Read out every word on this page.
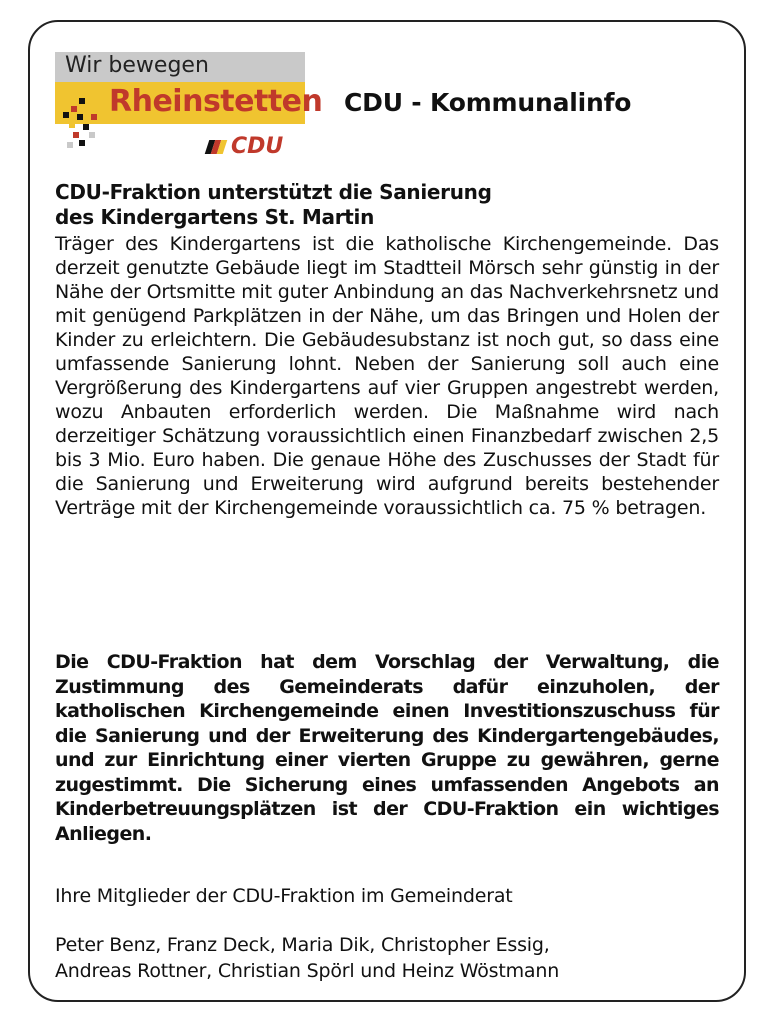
Wir bewegen
Rheinstetten
CDU
CDU - Kommunalinfo
CDU-Fraktion unterstützt die Sanierung des Kindergartens St. Martin
Träger des Kindergartens ist die katholische Kirchengemeinde. Das derzeit genutzte Gebäude liegt im Stadtteil Mörsch sehr günstig in der Nähe der Ortsmitte mit guter Anbindung an das Nachverkehrsnetz und mit genügend Parkplätzen in der Nähe, um das Bringen und Holen der Kinder zu erleichtern. Die Gebäudesubstanz ist noch gut, so dass eine umfassende Sanierung lohnt. Neben der Sanierung soll auch eine Vergrößerung des Kindergartens auf vier Gruppen angestrebt werden, wozu Anbauten erforderlich werden. Die Maßnahme wird nach derzeitiger Schätzung voraussichtlich einen Finanzbedarf zwischen 2,5 bis 3 Mio. Euro haben. Die genaue Höhe des Zuschusses der Stadt für die Sanierung und Erweiterung wird aufgrund bereits bestehender Verträge mit der Kirchengemeinde voraussichtlich ca. 75 % betragen.
Die CDU-Fraktion hat dem Vorschlag der Verwaltung, die Zustimmung des Gemeinderats dafür einzuholen, der katholischen Kirchengemeinde einen Investitionszuschuss für die Sanierung und der Erweiterung des Kindergartengebäudes, und zur Einrichtung einer vierten Gruppe zu gewähren, gerne zugestimmt. Die Sicherung eines umfassenden Angebots an Kinderbetreuungsplätzen ist der CDU-Fraktion ein wichtiges Anliegen.
Ihre Mitglieder der CDU-Fraktion im Gemeinderat
Peter Benz, Franz Deck, Maria Dik, Christopher Essig,
Andreas Rottner, Christian Spörl und Heinz Wöstmann
